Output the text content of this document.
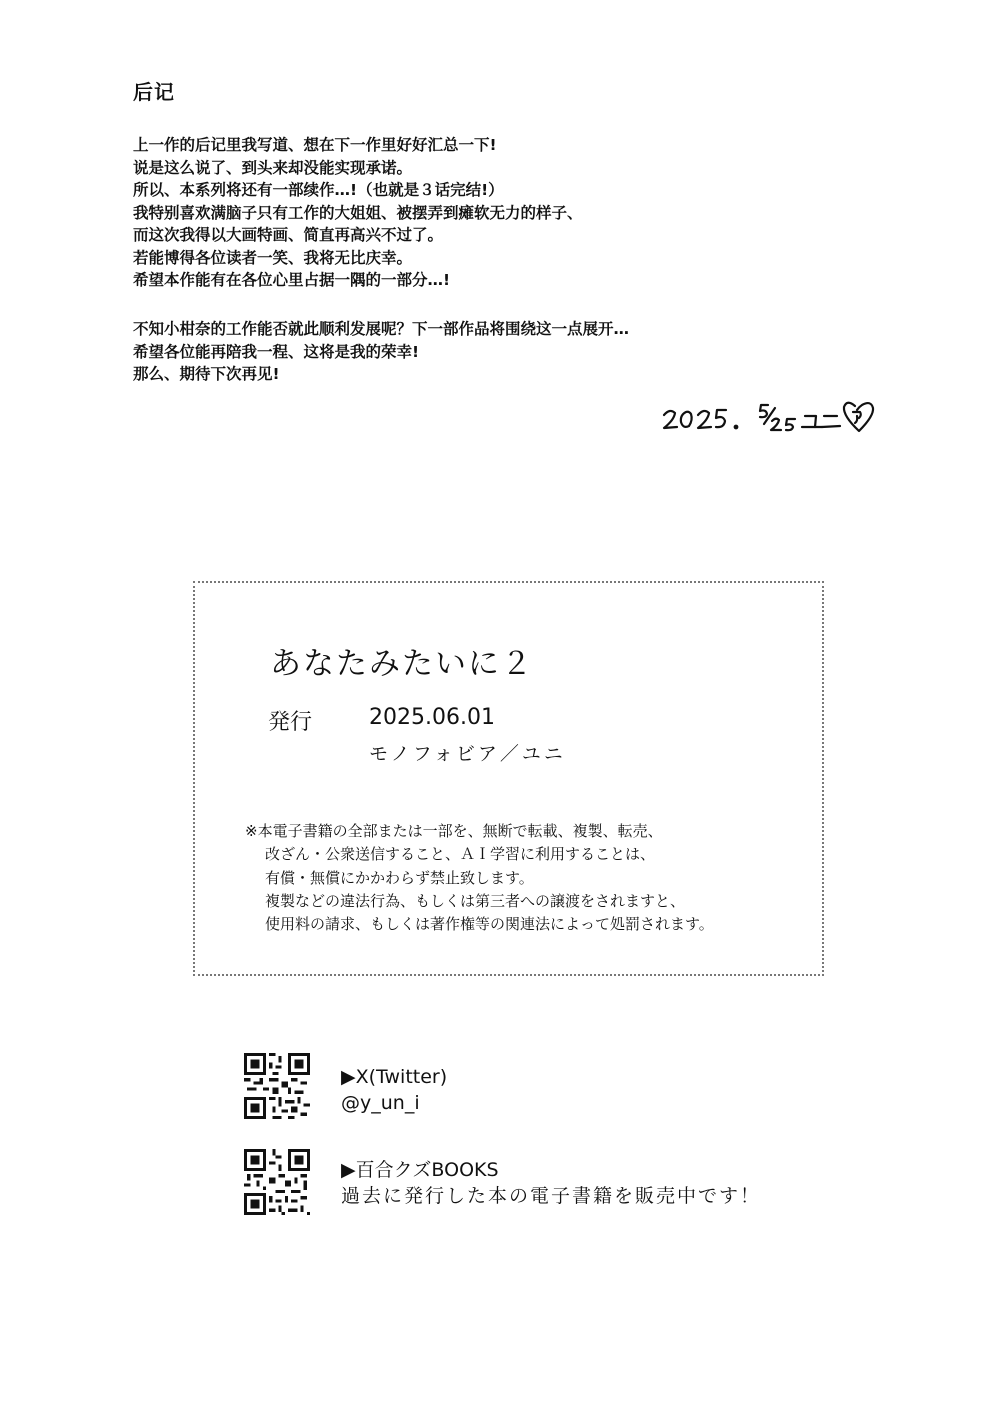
后记
上一作的后记里我写道、想在下一作里好好汇总一下!
说是这么说了、到头来却没能实现承诺。
所以、本系列将还有一部续作…!（也就是３话完结!）
我特别喜欢满脑子只有工作的大姐姐、被摆弄到瘫软无力的样子、
而这次我得以大画特画、简直再高兴不过了。
若能博得各位读者一笑、我将无比庆幸。
希望本作能有在各位心里占据一隅的一部分…!
不知小柑奈的工作能否就此顺利发展呢？下一部作品将围绕这一点展开…
希望各位能再陪我一程、这将是我的荣幸!
那么、期待下次再见!
あなたみたいに２
発行	2025.06.01
モノフォビア／ユニ
※本電子書籍の全部または一部を、無断で転載、複製、転売、
改ざん・公衆送信すること、ＡＩ学習に利用することは、
有償・無償にかかわらず禁止致します。
複製などの違法行為、もしくは第三者への譲渡をされますと、
使用料の請求、もしくは著作権等の関連法によって処罰されます。
▶X(Twitter)
@y_un_i
▶百合クズBOOKS
過去に発行した本の電子書籍を販売中です！
